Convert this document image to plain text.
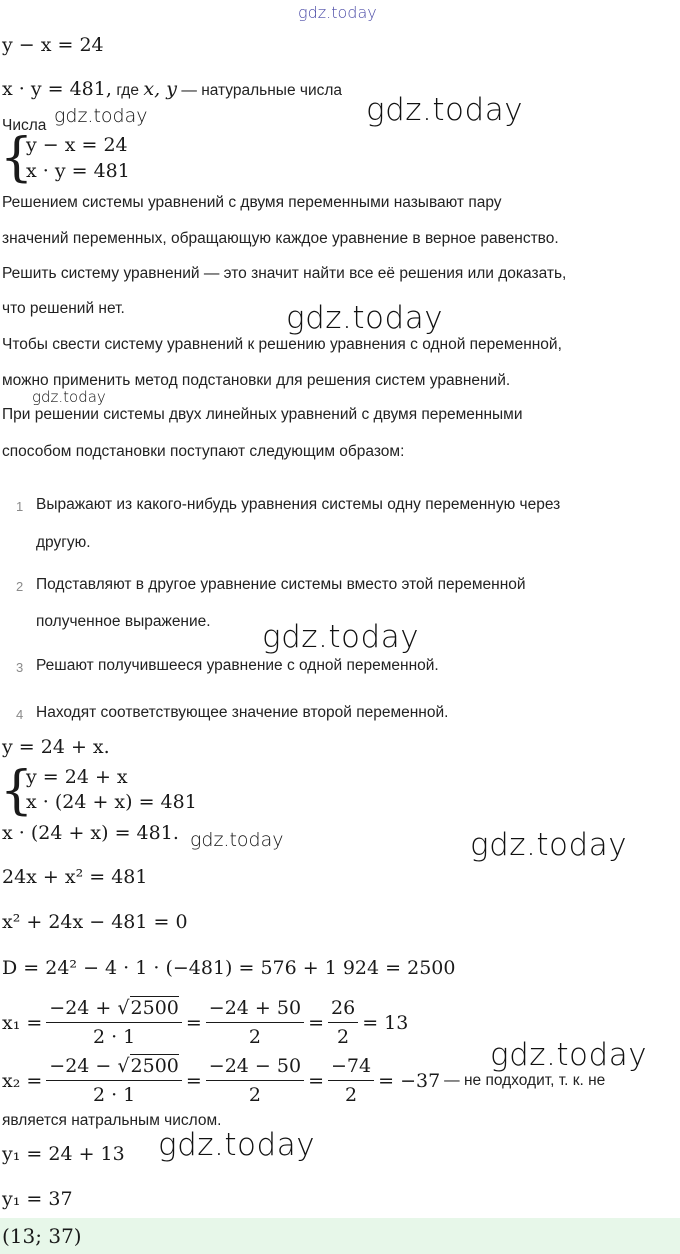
gdz.today
y − x = 24
x · y = 481, где x, y — натуральные числа
gdz.today
Числа gdz.today
{
y − x = 24
x · y = 481
Решением системы уравнений с двумя переменными называют пару
значений переменных, обращающую каждое уравнение в верное равенство.
Решить систему уравнений — это значит найти все её решения или доказать,
что решений нет.	gdz.today
Чтобы свести систему уравнений к решению уравнения с одной переменной,
можно применить метод подстановки для решения систем уравнений.
gdz.today
При решении системы двух линейных уравнений с двумя переменными
способом подстановки поступают следующим образом:
1 Выражают из какого-нибудь уравнения системы одну переменную через
другую.
2 Подставляют в другое уравнение системы вместо этой переменной
полученное выражение. gdz.today
3 Решают получившееся уравнение с одной переменной.
4 Находят соответствующее значение второй переменной.
y = 24 + x.
{
y = 24 + x
x · (24 + x) = 481
x · (24 + x) = 481. gdz.today	gdz.today
24x + x² = 481
x² + 24x − 481 = 0
D = 24² − 4 · 1 · (−481) = 576 + 1 924 = 2500
$x_1 = \frac{-24 + √2500}{2 \cdot 1} = \frac{-24 + 50}{2} = \frac{26}{2} = 13$
gdz.today
$x_2 = \frac{-24 - √2500}{2 \cdot 1} = \frac{-24 - 50}{2} = \frac{-74}{2} = -37$ — не подходит, т. к. не
является натральным числом.
y₁ = 24 + 13 gdz.today
y₁ = 37
(13; 37)
